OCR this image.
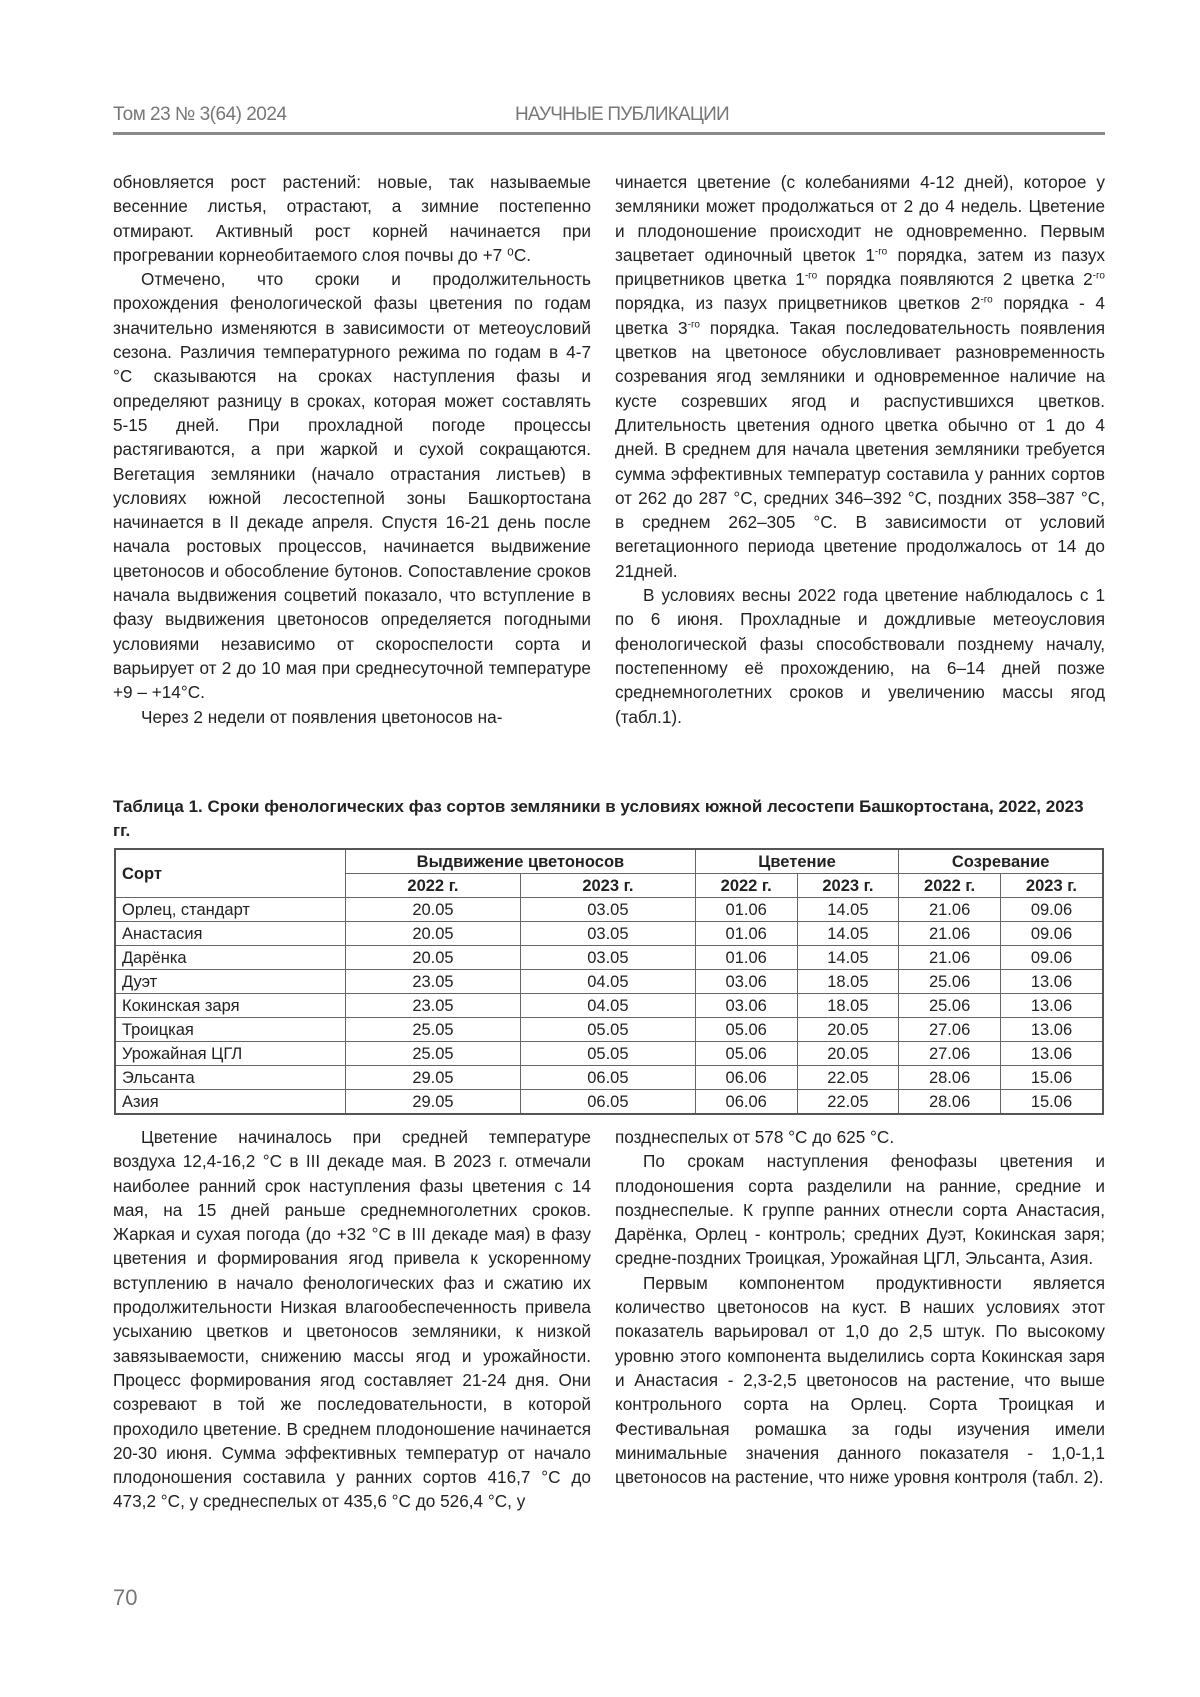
Том 23 № 3(64) 2024	НАУЧНЫЕ ПУБЛИКАЦИИ

обновляется рост растений: новые, так называемые весенние листья, отрастают, а зимние постепенно отмирают. Активный рост корней начинается при прогревании корнеобитаемого слоя почвы до +7 ⁰С.

Отмечено, что сроки и продолжительность прохождения фенологической фазы цветения по годам значительно изменяются в зависимости от метеоусловий сезона. Различия температурного режима по годам в 4-7 °С сказываются на сроках наступления фазы и определяют разницу в сроках, которая может составлять 5-15 дней. При прохладной погоде процессы растягиваются, а при жаркой и сухой сокращаются. Вегетация земляники (начало отрастания листьев) в условиях южной лесостепной зоны Башкортостана начинается в II декаде апреля. Спустя 16-21 день после начала ростовых процессов, начинается выдвижение цветоносов и обособление бутонов. Сопоставление сроков начала выдвижения соцветий показало, что вступление в фазу выдвижения цветоносов определяется погодными условиями независимо от скороспелости сорта и варьирует от 2 до 10 мая при среднесуточной температуре +9 – +14°С.

Через 2 недели от появления цветоносов на-

чинается цветение (с колебаниями 4-12 дней), которое у земляники может продолжаться от 2 до 4 недель. Цветение и плодоношение происходит не одновременно. Первым зацветает одиночный цветок $1^{-го}$ порядка, затем из пазух прицветников цветка $1^{-го}$ порядка появляются 2 цветка $2^{-го}$ порядка, из пазух прицветников цветков $2^{-го}$ порядка - 4 цветка $3^{-го}$ порядка. Такая последовательность появления цветков на цветоносе обусловливает разновременность созревания ягод земляники и одновременное наличие на кусте созревших ягод и распустившихся цветков. Длительность цветения одного цветка обычно от 1 до 4 дней. В среднем для начала цветения земляники требуется сумма эффективных температур составила у ранних сортов от 262 до 287 °С, средних 346–392 °С, поздних 358–387 °С, в среднем 262–305 °С. В зависимости от условий вегетационного периода цветение продолжалось от 14 до 21дней.

В условиях весны 2022 года цветение наблюдалось с 1 по 6 июня. Прохладные и дождливые метеоусловия фенологической фазы способствовали позднему началу, постепенному её прохождению, на 6–14 дней позже среднемноголетних сроков и увеличению массы ягод (табл.1).

Таблица 1. Сроки фенологических фаз сортов земляники в условиях южной лесостепи Башкортостана, 2022, 2023 гг.
Сорт	Выдвижение цветоносов		Цветение		Созревание	
	2022 г.	2023 г.	2022 г.	2023 г.	2022 г.	2023 г.
Орлец, стандарт	20.05	03.05	01.06	14.05	21.06	09.06
Анастасия	20.05	03.05	01.06	14.05	21.06	09.06
Дарёнка	20.05	03.05	01.06	14.05	21.06	09.06
Дуэт	23.05	04.05	03.06	18.05	25.06	13.06
Кокинская заря	23.05	04.05	03.06	18.05	25.06	13.06
Троицкая	25.05	05.05	05.06	20.05	27.06	13.06
Урожайная ЦГЛ	25.05	05.05	05.06	20.05	27.06	13.06
Эльсанта	29.05	06.05	06.06	22.05	28.06	15.06
Азия	29.05	06.05	06.06	22.05	28.06	15.06

Цветение начиналось при средней температуре воздуха 12,4-16,2 °С в III декаде мая. В 2023 г. отмечали наиболее ранний срок наступления фазы цветения с 14 мая, на 15 дней раньше среднемноголетних сроков. Жаркая и сухая погода (до +32 °С в III декаде мая) в фазу цветения и формирования ягод привела к ускоренному вступлению в начало фенологических фаз и сжатию их продолжительности Низкая влагообеспеченность привела усыханию цветков и цветоносов земляники, к низкой завязываемости, снижению массы ягод и урожайности. Процесс формирования ягод составляет 21-24 дня. Они созревают в той же последовательности, в которой проходило цветение. В среднем плодоношение начинается 20-30 июня. Сумма эффективных температур от начало плодоношения составила у ранних сортов 416,7 °С до 473,2 °С, у среднеспелых от 435,6 °С до 526,4 °С, у

позднеспелых от 578 °С до 625 °С.

По срокам наступления фенофазы цветения и плодоношения сорта разделили на ранние, средние и позднеспелые. К группе ранних отнесли сорта Анастасия, Дарёнка, Орлец - контроль; средних Дуэт, Кокинская заря; средне-поздних Троицкая, Урожайная ЦГЛ, Эльсанта, Азия.

Первым компонентом продуктивности является количество цветоносов на куст. В наших условиях этот показатель варьировал от 1,0 до 2,5 штук. По высокому уровню этого компонента выделились сорта Кокинская заря и Анастасия - 2,3-2,5 цветоносов на растение, что выше контрольного сорта на Орлец. Сорта Троицкая и Фестивальная ромашка за годы изучения имели минимальные значения данного показателя - 1,0-1,1 цветоносов на растение, что ниже уровня контроля (табл. 2).

70
